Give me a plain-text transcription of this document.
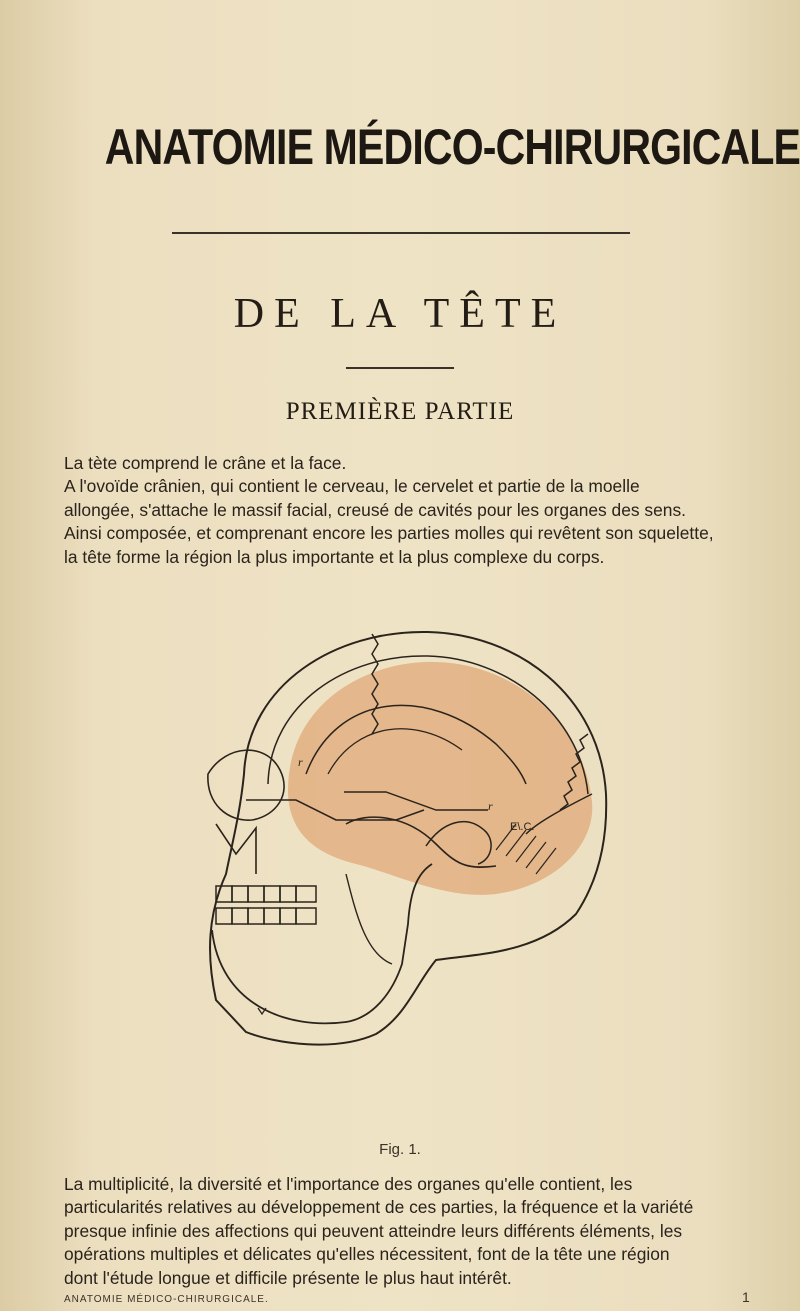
ANATOMIE MÉDICO-CHIRURGICALE
DE LA TÊTE
PREMIÈRE PARTIE
La tète comprend le crâne et la face.
A l'ovoïde crânien, qui contient le cerveau, le cervelet et partie de la moelle
allongée, s'attache le massif facial, creusé de cavités pour les organes des sens.
Ainsi composée, et comprenant encore les parties molles qui revêtent son squelette,
la tête forme la région la plus importante et la plus complexe du corps.
r
r
E\.C.
Fig. 1.
La multiplicité, la diversité et l'importance des organes qu'elle contient, les
particularités relatives au développement de ces parties, la fréquence et la variété
presque infinie des affections qui peuvent atteindre leurs différents éléments, les
opérations multiples et délicates qu'elles nécessitent, font de la tête une région
dont l'étude longue et difficile présente le plus haut intérêt.
ANATOMIE MÉDICO-CHIRURGICALE.	1
